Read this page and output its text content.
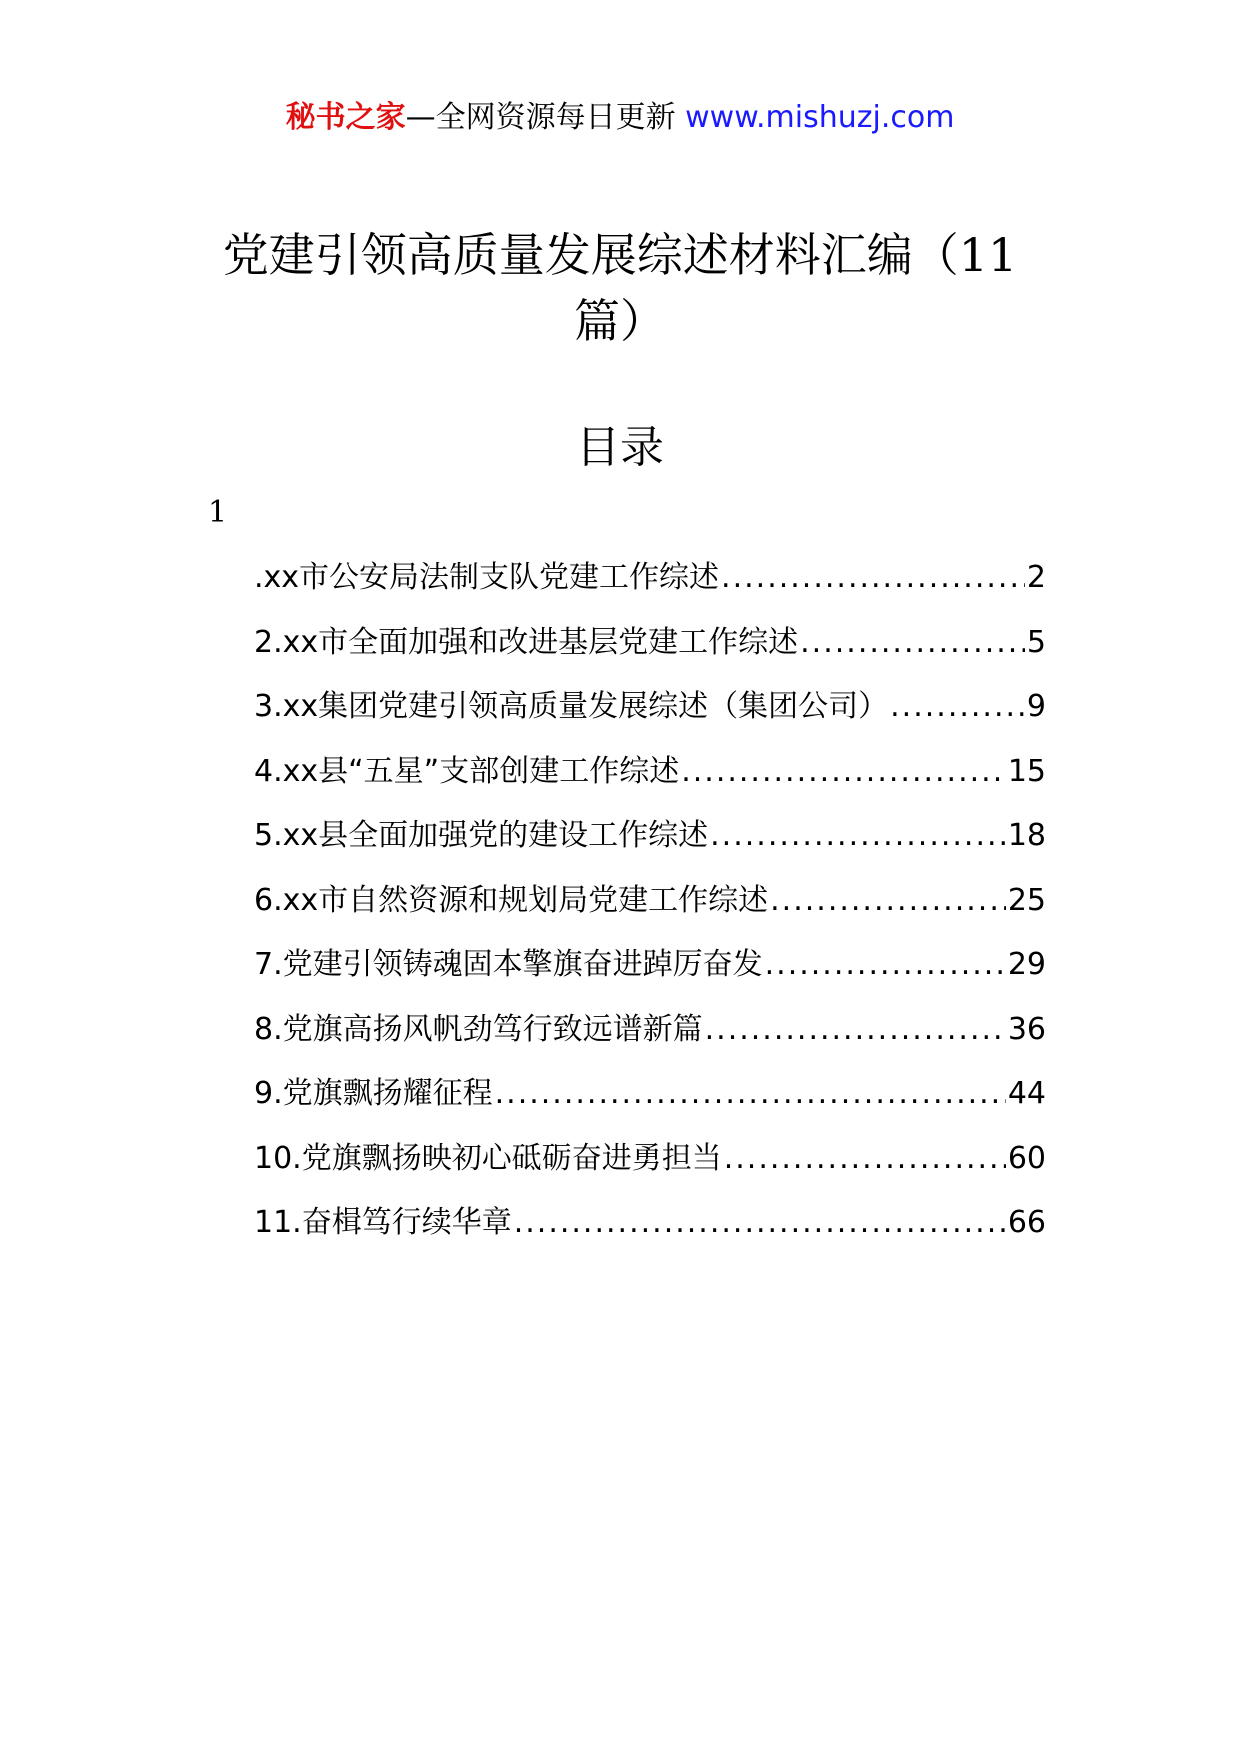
秘书之家—全网资源每日更新 www.mishuzj.com
党建引领高质量发展综述材料汇编（11篇）
目录
1
.xx市公安局法制支队党建工作综述 .....	2
2.xx市全面加强和改进基层党建工作综述 .....	5
3.xx集团党建引领高质量发展综述（集团公司） .....	9
4.xx县“五星”支部创建工作综述 .....	15
5.xx县全面加强党的建设工作综述 .....	18
6.xx市自然资源和规划局党建工作综述 .....	25
7.党建引领铸魂固本擎旗奋进踔厉奋发 .....	29
8.党旗高扬风帆劲笃行致远谱新篇 .....	36
9.党旗飘扬耀征程 .....	44
10.党旗飘扬映初心砥砺奋进勇担当 .....	60
11.奋楫笃行续华章 .....	66
